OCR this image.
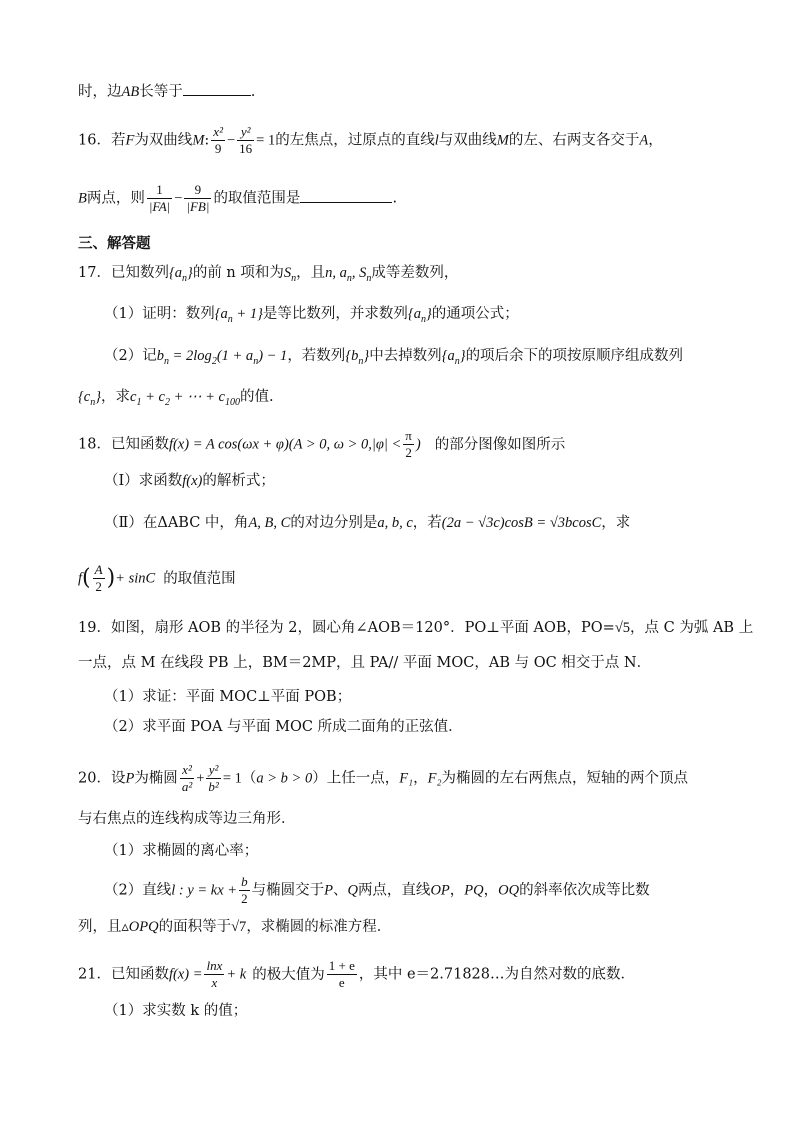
时，边AB长等于	.
16．若F为双曲线M: $\frac{\text{x²}}{9} - \frac{\text{y²}}{16} = 1$的左焦点，过原点的直线l与双曲线M的左、右两支各交于A，
B两点，则 $\frac{1}{|FA|} - \frac{9}{|FB|}$ 的取值范围是	.
三、解答题
17．已知数列$\{a_n\}$的前 n 项和为$S_n$，且n, $a_n$, $S_n$成等差数列，
（1）证明：数列$\{a_n + 1\}$是等比数列，并求数列$\{a_n\}$的通项公式；
（2）记$b_n = 2\log_2(1 + a_n) - 1$，若数列$\{b_n\}$中去掉数列$\{a_n\}$的项后余下的项按原顺序组成数列
$\{c_n\}$，求$c_1 + c_2$ + ⋯ + $c_{100}$的值.
18．已知函数f(x) = A cos(ωx + φ)(A > 0, $\omega > 0,|\varphi| < \frac{\pi}{2}$ ) 的部分图像如图所示
（Ⅰ）求函数f(x)的解析式；
（Ⅱ）在ΔABC 中，角A, B, C的对边分别是a, b, c，若(2a − √3c)cosB = √3bcosC，求
$f( \frac{A}{2}$ )+ sinC 的取值范围
19．如图，扇形 AOB 的半径为 2，圆心角∠AOB＝120°．PO⊥平面 AOB，PO=√5，点 C 为弧 AB 上
一点，点 M 在线段 PB 上，BM＝2MP，且 PA// 平面 MOC，AB 与 OC 相交于点 N．
（1）求证：平面 MOC⊥平面 POB；
（2）求平面 POA 与平面 MOC 所成二面角的正弦值．
20．设P为椭圆 $\frac{\text{x²}}{\text{a²}} + \frac{\text{y²}}{\text{b²}} = 1(a > b > 0)$上任一点，F₁，F₂为椭圆的左右两焦点，短轴的两个顶点
与右焦点的连线构成等边三角形．
（1）求椭圆的离心率；
（2）直线l : y = kx + $\frac{b}{2}$ 与椭圆交于P、Q两点，直线OP，PQ，OQ的斜率依次成等比数
列，且▵OPQ的面积等于√7，求椭圆的标准方程．
21．已知函数$f(x) = \frac{\ln x}{x} + k$ 的极大值为 $\frac{1 + e}{e}$ ，其中 e＝2.71828…为自然对数的底数．
（1）求实数 k 的值；
